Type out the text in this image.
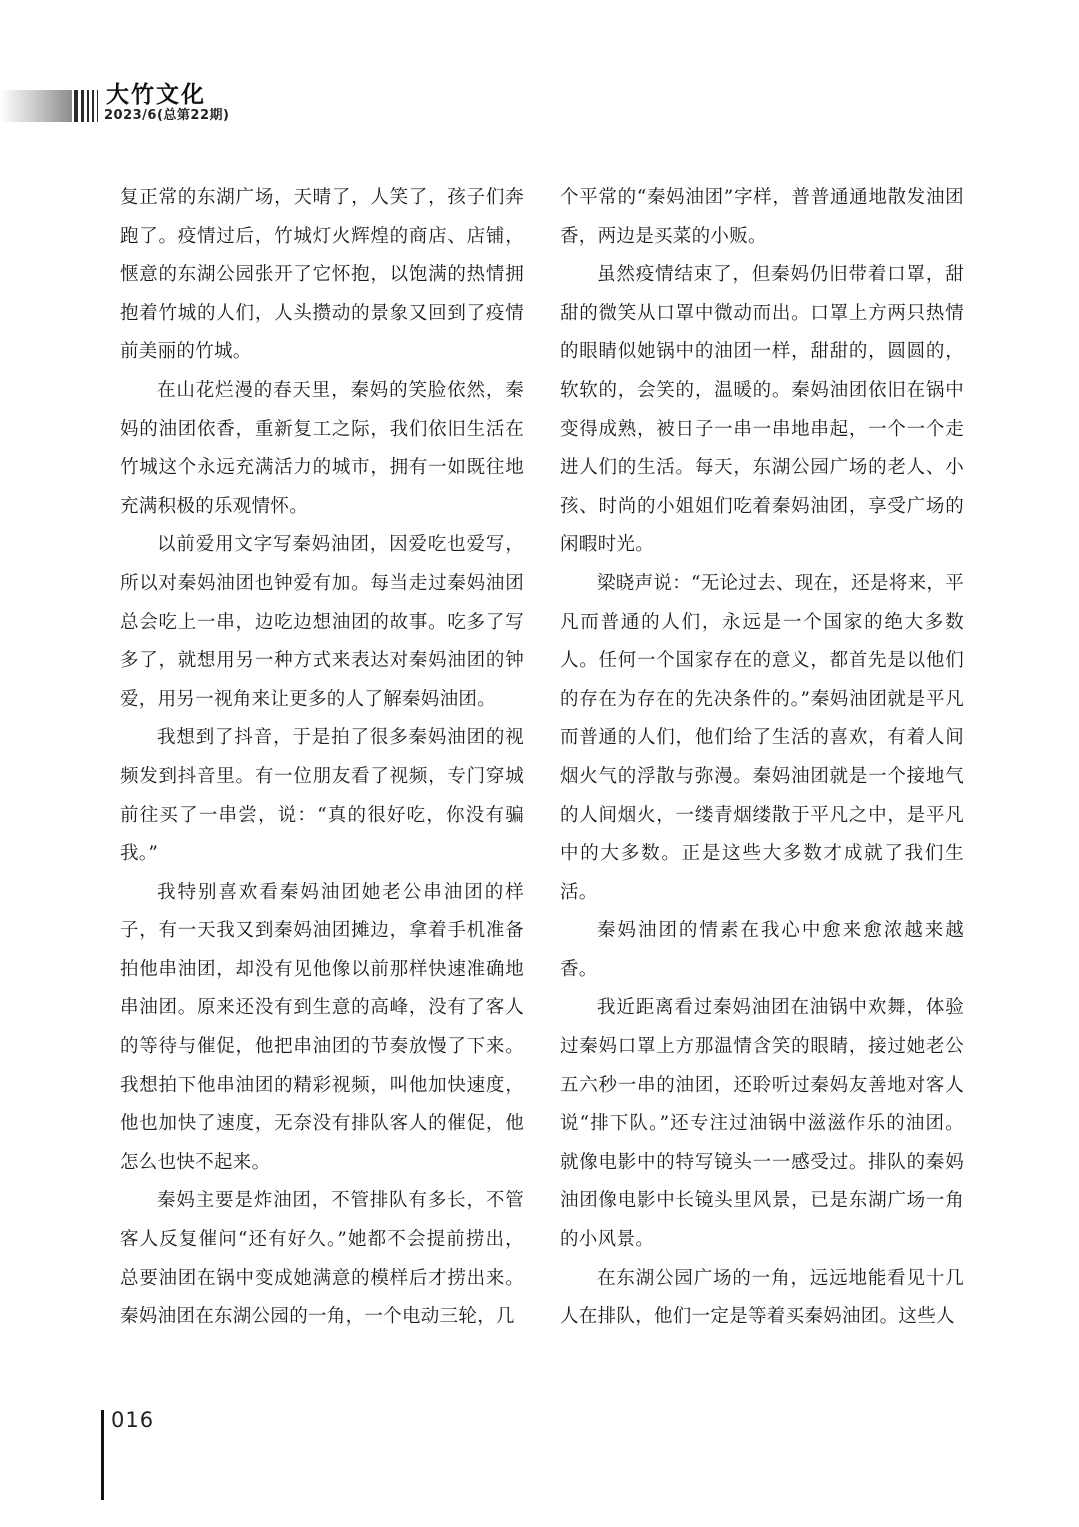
大竹文化
2023/6(总第22期)

复正常的东湖广场，天晴了，人笑了，孩子们奔跑了。疫情过后，竹城灯火辉煌的商店、店铺，惬意的东湖公园张开了它怀抱，以饱满的热情拥抱着竹城的人们，人头攒动的景象又回到了疫情前美丽的竹城。

在山花烂漫的春天里，秦妈的笑脸依然，秦妈的油团依香，重新复工之际，我们依旧生活在竹城这个永远充满活力的城市，拥有一如既往地充满积极的乐观情怀。

以前爱用文字写秦妈油团，因爱吃也爱写，所以对秦妈油团也钟爱有加。每当走过秦妈油团总会吃上一串，边吃边想油团的故事。吃多了写多了，就想用另一种方式来表达对秦妈油团的钟爱，用另一视角来让更多的人了解秦妈油团。

我想到了抖音，于是拍了很多秦妈油团的视频发到抖音里。有一位朋友看了视频，专门穿城前往买了一串尝，说：“真的很好吃，你没有骗我。”

我特别喜欢看秦妈油团她老公串油团的样子，有一天我又到秦妈油团摊边，拿着手机准备拍他串油团，却没有见他像以前那样快速准确地串油团。原来还没有到生意的高峰，没有了客人的等待与催促，他把串油团的节奏放慢了下来。我想拍下他串油团的精彩视频，叫他加快速度，他也加快了速度，无奈没有排队客人的催促，他怎么也快不起来。

秦妈主要是炸油团，不管排队有多长，不管客人反复催问“还有好久。”她都不会提前捞出，总要油团在锅中变成她满意的模样后才捞出来。秦妈油团在东湖公园的一角，一个电动三轮，几

个平常的“秦妈油团”字样，普普通通地散发油团香，两边是买菜的小贩。

虽然疫情结束了，但秦妈仍旧带着口罩，甜甜的微笑从口罩中微动而出。口罩上方两只热情的眼睛似她锅中的油团一样，甜甜的，圆圆的，软软的，会笑的，温暖的。秦妈油团依旧在锅中变得成熟，被日子一串一串地串起，一个一个走进人们的生活。每天，东湖公园广场的老人、小孩、时尚的小姐姐们吃着秦妈油团，享受广场的闲暇时光。

梁晓声说：“无论过去、现在，还是将来，平凡而普通的人们，永远是一个国家的绝大多数人。任何一个国家存在的意义，都首先是以他们的存在为存在的先决条件的。”秦妈油团就是平凡而普通的人们，他们给了生活的喜欢，有着人间烟火气的浮散与弥漫。秦妈油团就是一个接地气的人间烟火，一缕青烟缕散于平凡之中，是平凡中的大多数。正是这些大多数才成就了我们生活。

秦妈油团的情素在我心中愈来愈浓越来越香。

我近距离看过秦妈油团在油锅中欢舞，体验过秦妈口罩上方那温情含笑的眼睛，接过她老公五六秒一串的油团，还聆听过秦妈友善地对客人说“排下队。”还专注过油锅中滋滋作乐的油团。就像电影中的特写镜头一一感受过。排队的秦妈油团像电影中长镜头里风景，已是东湖广场一角的小风景。

在东湖公园广场的一角，远远地能看见十几人在排队，他们一定是等着买秦妈油团。这些人

016
